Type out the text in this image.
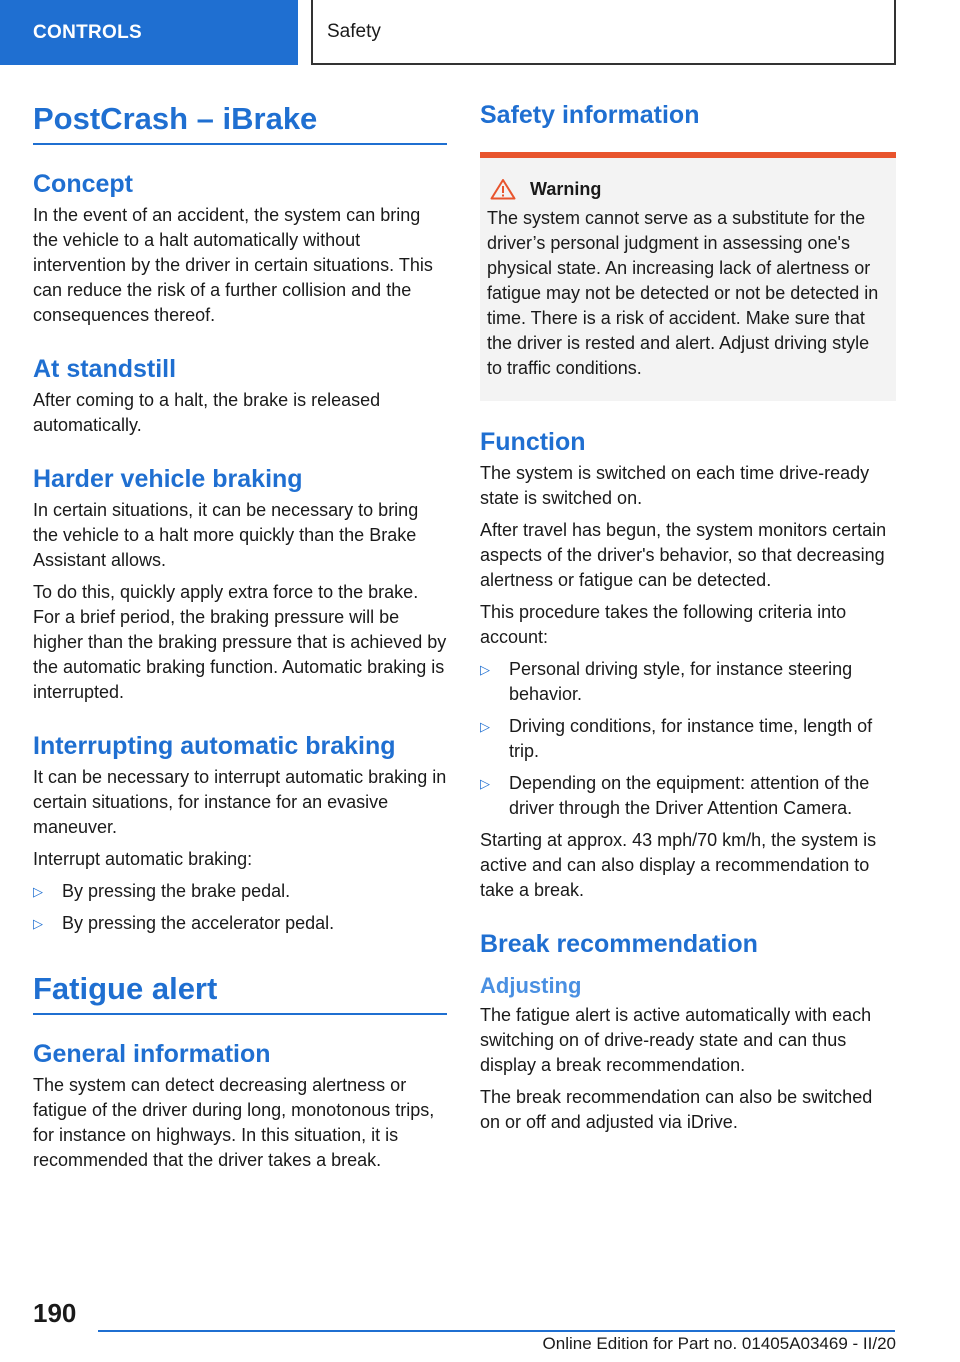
CONTROLS	Safety
PostCrash – iBrake
Concept

In the event of an accident, the system can bring the vehicle to a halt automatically without intervention by the driver in certain situations. This can reduce the risk of a further collision and the consequences thereof.

At standstill

After coming to a halt, the brake is released automatically.

Harder vehicle braking

In certain situations, it can be necessary to bring the vehicle to a halt more quickly than the Brake Assistant allows.

To do this, quickly apply extra force to the brake. For a brief period, the braking pressure will be higher than the braking pressure that is achieved by the automatic braking function. Automatic braking is interrupted.

Interrupting automatic braking

It can be necessary to interrupt automatic braking in certain situations, for instance for an evasive maneuver.

Interrupt automatic braking:

▷ By pressing the brake pedal.
▷ By pressing the accelerator pedal.
Fatigue alert
General information

The system can detect decreasing alertness or fatigue of the driver during long, monotonous trips, for instance on highways. In this situation, it is recommended that the driver takes a break.

Safety information
Warning

The system cannot serve as a substitute for the driver’s personal judgment in assessing one's physical state. An increasing lack of alertness or fatigue may not be detected or not be detected in time. There is a risk of accident. Make sure that the driver is rested and alert. Adjust driving style to traffic conditions.

Function

The system is switched on each time drive-ready state is switched on.

After travel has begun, the system monitors certain aspects of the driver's behavior, so that decreasing alertness or fatigue can be detected.

This procedure takes the following criteria into account:

▷ Personal driving style, for instance steering behavior.
▷ Driving conditions, for instance time, length of trip.
▷ Depending on the equipment: attention of the driver through the Driver Attention Camera.

Starting at approx. 43 mph/70 km/h, the system is active and can also display a recommendation to take a break.

Break recommendation
Adjusting

The fatigue alert is active automatically with each switching on of drive-ready state and can thus display a break recommendation.

The break recommendation can also be switched on or off and adjusted via iDrive.

190
Online Edition for Part no. 01405A03469 - II/20
